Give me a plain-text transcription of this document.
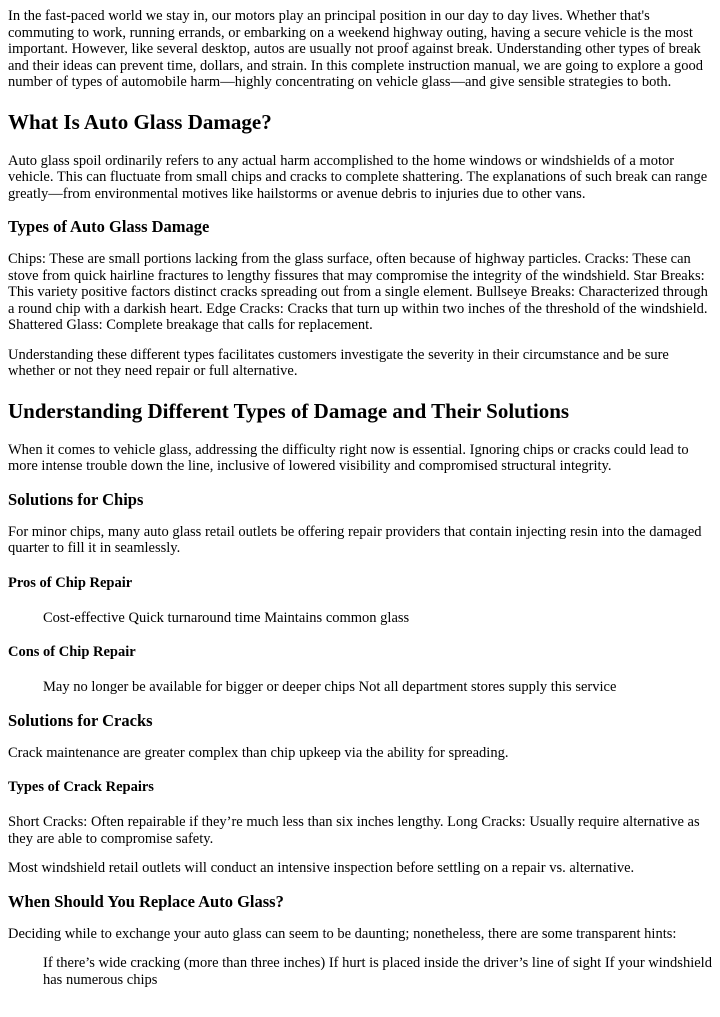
In the fast-paced world we stay in, our motors play an principal position in our day to day lives. Whether that's commuting to work, running errands, or embarking on a weekend highway outing, having a secure vehicle is the most important. However, like several desktop, autos are usually not proof against break. Understanding other types of break and their ideas can prevent time, dollars, and strain. In this complete instruction manual, we are going to explore a good number of types of automobile harm—highly concentrating on vehicle glass—and give sensible strategies to both.

What Is Auto Glass Damage?

Auto glass spoil ordinarily refers to any actual harm accomplished to the home windows or windshields of a motor vehicle. This can fluctuate from small chips and cracks to complete shattering. The explanations of such break can range greatly—from environmental motives like hailstorms or avenue debris to injuries due to other vans.

Types of Auto Glass Damage

Chips: These are small portions lacking from the glass surface, often because of highway particles. Cracks: These can stove from quick hairline fractures to lengthy fissures that may compromise the integrity of the windshield. Star Breaks: This variety positive factors distinct cracks spreading out from a single element. Bullseye Breaks: Characterized through a round chip with a darkish heart. Edge Cracks: Cracks that turn up within two inches of the threshold of the windshield. Shattered Glass: Complete breakage that calls for replacement.

Understanding these different types facilitates customers investigate the severity in their circumstance and be sure whether or not they need repair or full alternative.

Understanding Different Types of Damage and Their Solutions

When it comes to vehicle glass, addressing the difficulty right now is essential. Ignoring chips or cracks could lead to more intense trouble down the line, inclusive of lowered visibility and compromised structural integrity.

Solutions for Chips

For minor chips, many auto glass retail outlets be offering repair providers that contain injecting resin into the damaged quarter to fill it in seamlessly.

Pros of Chip Repair
Cost-effective Quick turnaround time Maintains common glass
Cons of Chip Repair
May no longer be available for bigger or deeper chips Not all department stores supply this service
Solutions for Cracks

Crack maintenance are greater complex than chip upkeep via the ability for spreading.

Types of Crack Repairs

Short Cracks: Often repairable if they’re much less than six inches lengthy. Long Cracks: Usually require alternative as they are able to compromise safety.

Most windshield retail outlets will conduct an intensive inspection before settling on a repair vs. alternative.

When Should You Replace Auto Glass?

Deciding while to exchange your auto glass can seem to be daunting; nonetheless, there are some transparent hints:

If there’s wide cracking (more than three inches) If hurt is placed inside the driver’s line of sight If your windshield has numerous chips
